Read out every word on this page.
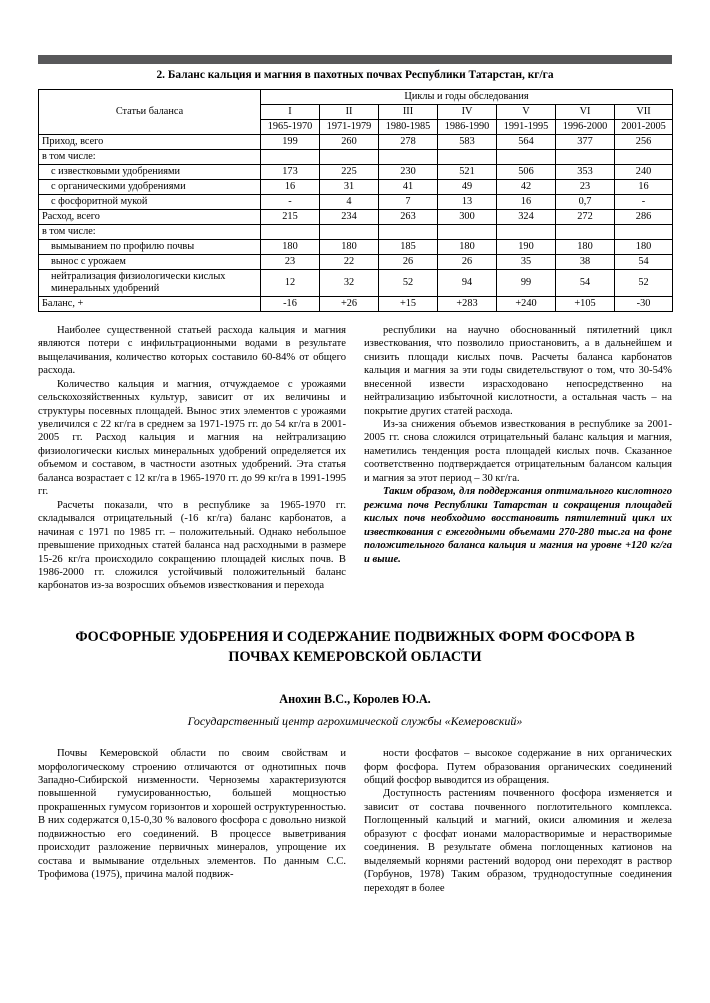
2. Баланс кальция и магния в пахотных почвах Республики Татарстан, кг/га
Статьи баланса	Циклы и годы обследования						
	I	II	III	IV	V	VI	VII
	1965-1970	1971-1979	1980-1985	1986-1990	1991-1995	1996-2000	2001-2005
Приход, всего	199	260	278	583	564	377	256
в том числе:							
с известковыми удобрениями	173	225	230	521	506	353	240
с органическими удобрениями	16	31	41	49	42	23	16
с фосфоритной мукой	-	4	7	13	16	0,7	-
Расход, всего	215	234	263	300	324	272	286
в том числе:							
вымыванием по профилю почвы	180	180	185	180	190	180	180
вынос с урожаем	23	22	26	26	35	38	54
нейтрализация физиологически кислых минеральных удобрений	12	32	52	94	99	54	52
Баланс, +	-16	+26	+15	+283	+240	+105	-30

Наиболее существенной статьей расхода кальция и магния являются потери с инфильтрационными водами в результате выщелачивания, количество которых составило 60-84% от общего расхода.

Количество кальция и магния, отчуждаемое с урожаями сельскохозяйственных культур, зависит от их величины и структуры посевных площадей. Вынос этих элементов с урожаями увеличился с 22 кг/га в среднем за 1971-1975 гг. до 54 кг/га в 2001-2005 гг. Расход кальция и магния на нейтрализацию физиологически кислых минеральных удобрений определяется их объемом и составом, в частности азотных удобрений. Эта статья баланса возрастает с 12 кг/га в 1965-1970 гг. до 99 кг/га в 1991-1995 гг.

Расчеты показали, что в республике за 1965-1970 гг. складывался отрицательный (-16 кг/га) баланс карбонатов, а начиная с 1971 по 1985 гг. – положительный. Однако небольшое превышение приходных статей баланса над расходными в размере 15-26 кг/га происходило сокращению площадей кислых почв. В 1986-2000 гг. сложился устойчивый положительный баланс карбонатов из-за возросших объемов известкования и перехода

республики на научно обоснованный пятилетний цикл известкования, что позволило приостановить, а в дальнейшем и снизить площади кислых почв. Расчеты баланса карбонатов кальция и магния за эти годы свидетельствуют о том, что 30-54% внесенной извести израсходовано непосредственно на нейтрализацию избыточной кислотности, а остальная часть – на покрытие других статей расхода.

Из-за снижения объемов известкования в республике за 2001-2005 гг. снова сложился отрицательный баланс кальция и магния, наметились тенденция роста площадей кислых почв. Сказанное соответственно подтверждается отрицательным балансом кальция и магния за этот период – 30 кг/га.

Таким образом, для поддержания оптимального кислотного режима почв Республики Татарстан и сокращения площадей кислых почв необходимо восстановить пятилетний цикл их известкования с ежегодными объемами 270-280 тыс.га на фоне положительного баланса кальция и магния на уровне +120 кг/га и выше.

ФОСФОРНЫЕ УДОБРЕНИЯ И СОДЕРЖАНИЕ ПОДВИЖНЫХ ФОРМ ФОСФОРА В ПОЧВАХ КЕМЕРОВСКОЙ ОБЛАСТИ
Анохин В.С., Королев Ю.А.
Государственный центр агрохимической службы «Кемеровский»

Почвы Кемеровской области по своим свойствам и морфологическому строению отличаются от однотипных почв Западно-Сибирской низменности. Черноземы характеризуются повышенной гумусированностью, большей мощностью прокрашенных гумусом горизонтов и хорошей оструктуренностью. В них содержатся 0,15-0,30 % валового фосфора с довольно низкой подвижностью его соединений. В процессе выветривания происходит разложение первичных минералов, упрощение их состава и вымывание отдельных элементов. По данным С.С. Трофимова (1975), причина малой подвиж-

ности фосфатов – высокое содержание в них органических форм фосфора. Путем образования органических соединений общий фосфор выводится из обращения.

Доступность растениям почвенного фосфора изменяется и зависит от состава почвенного поглотительного комплекса. Поглощенный кальций и магний, окиси алюминия и железа образуют с фосфат ионами малорастворимые и нерастворимые соединения. В результате обмена поглощенных катионов на выделяемый корнями растений водород они переходят в раствор (Горбунов, 1978) Таким образом, труднодоступные соединения переходят в более
